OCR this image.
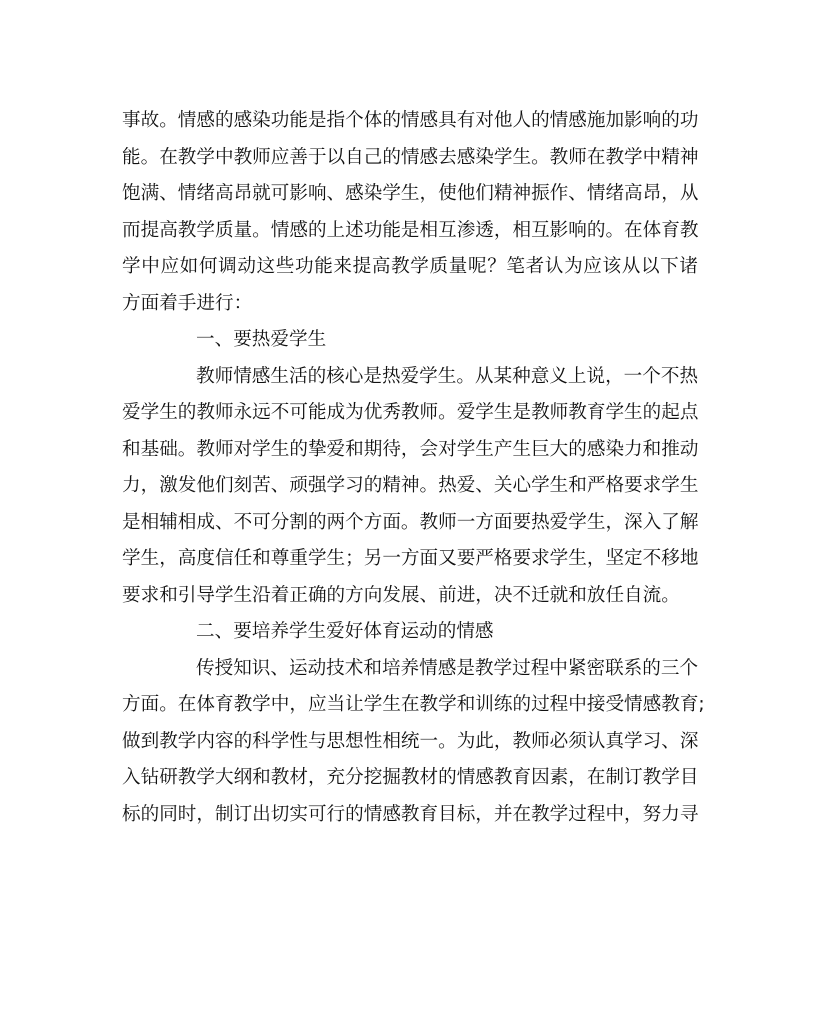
事故。情感的感染功能是指个体的情感具有对他人的情感施加影响的功
能。在教学中教师应善于以自己的情感去感染学生。教师在教学中精神
饱满、情绪高昂就可影响、感染学生，使他们精神振作、情绪高昂，从
而提高教学质量。情感的上述功能是相互渗透，相互影响的。在体育教
学中应如何调动这些功能来提高教学质量呢？笔者认为应该从以下诸
方面着手进行：
一、要热爱学生
教师情感生活的核心是热爱学生。从某种意义上说，一个不热
爱学生的教师永远不可能成为优秀教师。爱学生是教师教育学生的起点
和基础。教师对学生的挚爱和期待，会对学生产生巨大的感染力和推动
力，激发他们刻苦、顽强学习的精神。热爱、关心学生和严格要求学生
是相辅相成、不可分割的两个方面。教师一方面要热爱学生，深入了解
学生，高度信任和尊重学生；另一方面又要严格要求学生，坚定不移地
要求和引导学生沿着正确的方向发展、前进，决不迁就和放任自流。
二、要培养学生爱好体育运动的情感
传授知识、运动技术和培养情感是教学过程中紧密联系的三个
方面。在体育教学中，应当让学生在教学和训练的过程中接受情感教育;
做到教学内容的科学性与思想性相统一。为此，教师必须认真学习、深
入钻研教学大纲和教材，充分挖掘教材的情感教育因素，在制订教学目
标的同时，制订出切实可行的情感教育目标，并在教学过程中，努力寻
